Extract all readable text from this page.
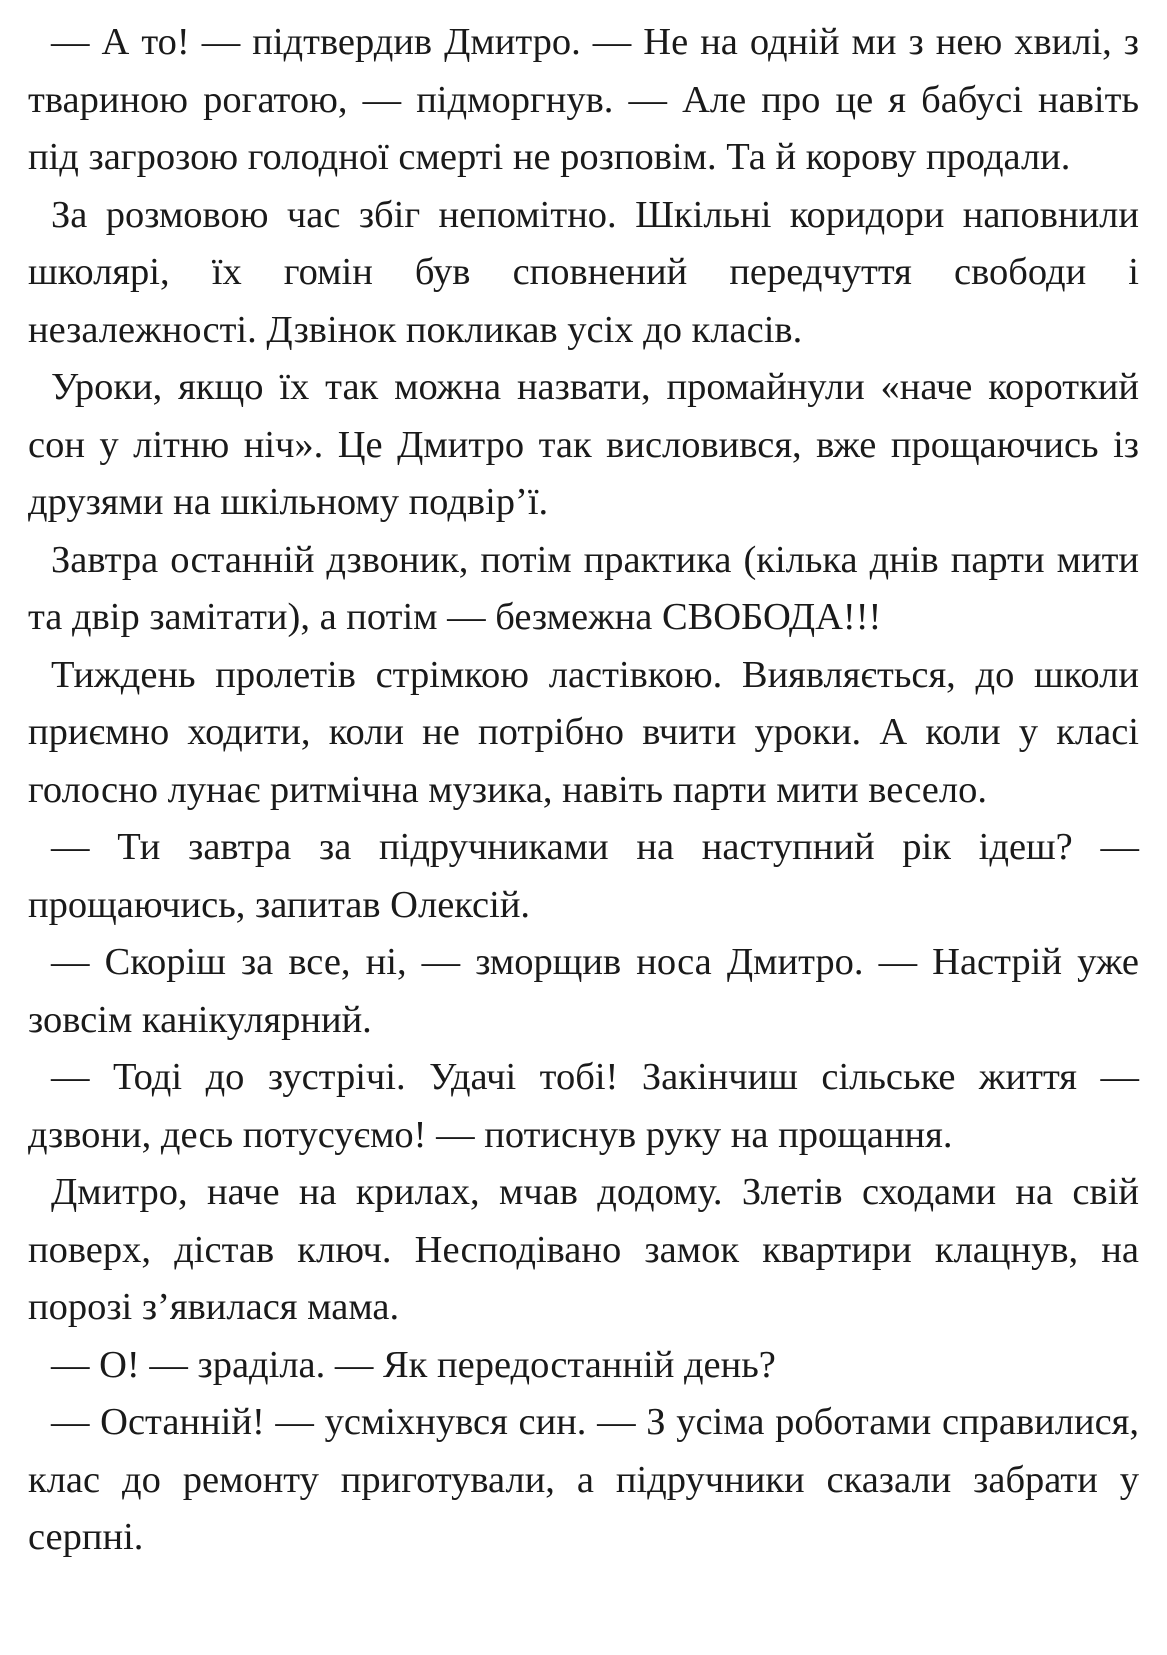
— А то! — підтвердив Дмитро. — Не на одній ми з нею хвилі, з твариною рогатою, — підморгнув. — Але про це я бабусі навіть під загрозою голодної смерті не розповім. Та й корову продали.

За розмовою час збіг непомітно. Шкільні коридори наповнили школярі, їх гомін був сповнений передчуття свободи і незалежності. Дзвінок покликав усіх до класів.

Уроки, якщо їх так можна назвати, промайнули «наче короткий сон у літню ніч». Це Дмитро так висловився, вже прощаючись із друзями на шкільному подвір’ї.

Завтра останній дзвоник, потім практика (кілька днів парти мити та двір замітати), а потім — безмежна СВОБОДА!!!

Тиждень пролетів стрімкою ластівкою. Виявляється, до школи приємно ходити, коли не потрібно вчити уроки. А коли у класі голосно лунає ритмічна музика, навіть парти мити весело.

— Ти завтра за підручниками на наступний рік ідеш? — прощаючись, запитав Олексій.

— Скоріш за все, ні, — зморщив носа Дмитро. — Настрій уже зовсім канікулярний.

— Тоді до зустрічі. Удачі тобі! Закінчиш сільське життя — дзвони, десь потусуємо! — потиснув руку на прощання.

Дмитро, наче на крилах, мчав додому. Злетів сходами на свій поверх, дістав ключ. Несподівано замок квартири клацнув, на порозі з’явилася мама.

— О! — зраділа. — Як передостанній день?

— Останній! — усміхнувся син. — З усіма роботами справилися, клас до ремонту приготували, а підручники сказали забрати у серпні.
